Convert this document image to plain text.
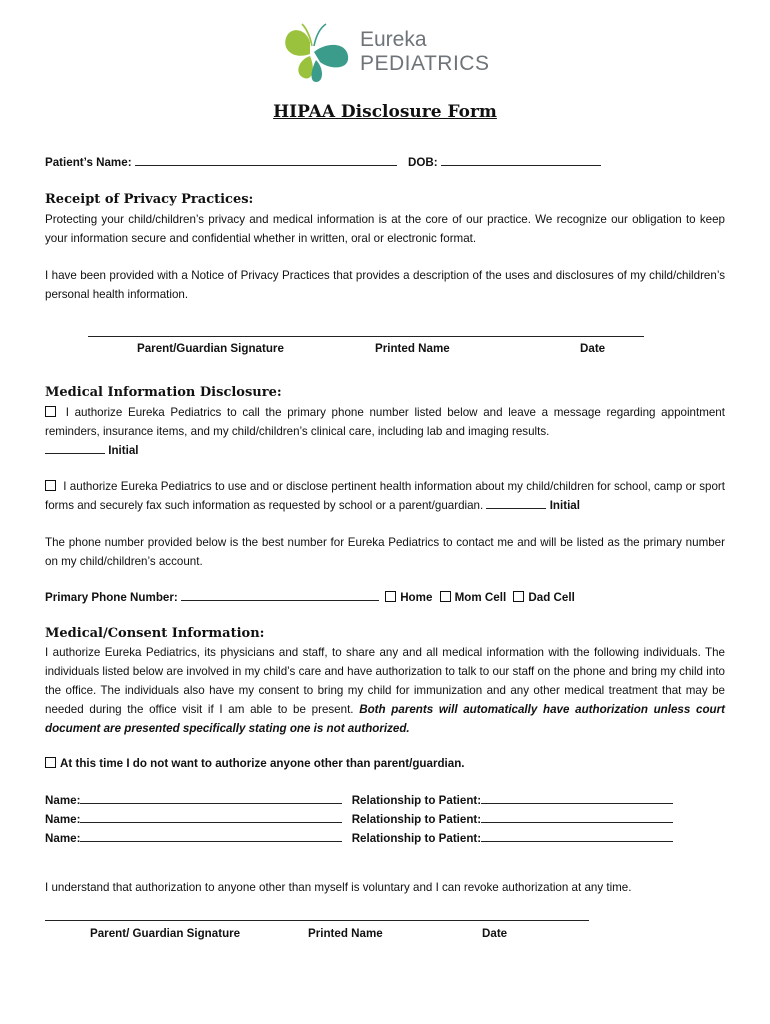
Eureka
PEDIATRICS
HIPAA Disclosure Form
Patient’s Name:	DOB:
Receipt of Privacy Practices:
Protecting your child/children’s privacy and medical information is at the core of our practice. We recognize our obligation to keep your information secure and confidential whether in written, oral or electronic format.
I have been provided with a Notice of Privacy Practices that provides a description of the uses and disclosures of my child/children’s personal health information.
Parent/Guardian Signature	Printed Name	Date
Medical Information Disclosure:
I authorize Eureka Pediatrics to call the primary phone number listed below and leave a message regarding appointment reminders, insurance items, and my child/children’s clinical care, including lab and imaging results.
Initial
I authorize Eureka Pediatrics to use and or disclose pertinent health information about my child/children for school, camp or sport forms and securely fax such information as requested by school or a parent/guardian.	Initial
The phone number provided below is the best number for Eureka Pediatrics to contact me and will be listed as the primary number on my child/children’s account.
Primary Phone Number:	Home Mom Cell Dad Cell
Medical/Consent Information:
I authorize Eureka Pediatrics, its physicians and staff, to share any and all medical information with the following individuals. The individuals listed below are involved in my child’s care and have authorization to talk to our staff on the phone and bring my child into the office. The individuals also have my consent to bring my child for immunization and any other medical treatment that may be needed during the office visit if I am able to be present. Both parents will automatically have authorization unless court document are presented specifically stating one is not authorized.
At this time I do not want to authorize anyone other than parent/guardian.
Name:	Relationship to Patient:
Name:	Relationship to Patient:
Name:	Relationship to Patient:
I understand that authorization to anyone other than myself is voluntary and I can revoke authorization at any time.
Parent/ Guardian Signature	Printed Name	Date
